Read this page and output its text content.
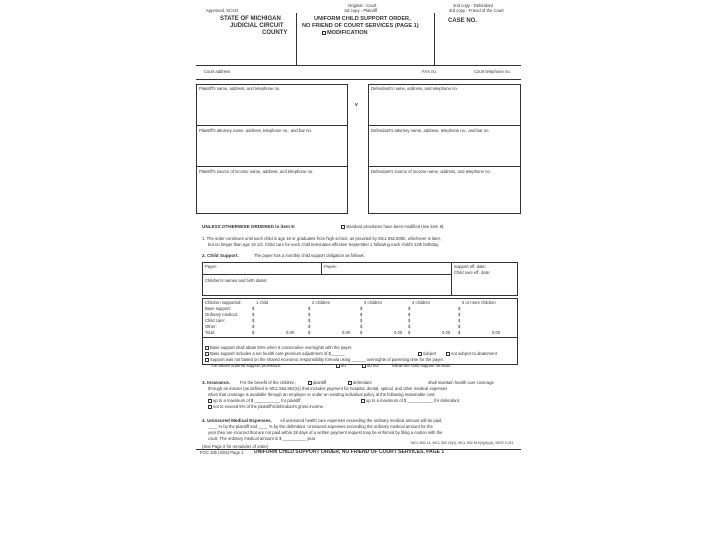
Approved, SCAO
Original - Court
1st copy - Plaintiff
2nd copy - Defendant
3rd copy - Friend of the Court
STATE OF MICHIGAN
JUDICIAL CIRCUIT
COUNTY
UNIFORM CHILD SUPPORT ORDER,
NO FRIEND OF COURT SERVICES (PAGE 1)
MODIFICATION
CASE NO.
Court address	FAX no.	Court telephone no.
Plaintiff's name, address, and telephone no.	Defendant's name, address, and telephone no.
v
Plaintiff's attorney name, address, telephone no., and bar no.	Defendant's attorney name, address, telephone no., and bar no.
Plaintiff's source of income name, address, and telephone no.	Defendant's source of income name, address, and telephone no.
UNLESS OTHERWISE ORDERED in item 9:	standard provisions have been modified (see item 9).
1. The order continues until each child is age 18 or graduates from high school, as provided by MCL 552.605b, whichever is later,
but no longer than age 19 1/2. Child care for each child terminates effective September 1 following each child's 12th birthday.
2. Child Support.	The payer has a monthly child support obligation as follows:
Payer:	Payee:	Support eff. date:
Child sure eff. date:
Children's names and birth dates:
Children supported:	1 child	2 children	3 children	4 children	5 or more children
Base support:	$	$	$	$	$
Ordinary medical:	$	$	$	$	$
Child care:	$	$	$	$	$
Other:	$	$	$	$	$
Total:	$	0.00	$	0.00 $	0.00 $	0.00 $	0.00
Base support shall abate 50% when 6 consecutive overnights with the payer.
Base support includes a net health care premium adjustment of $______	subject	not subject to abatement
Support was not based on the shared economic responsibility formula using ______ overnights of parenting time for the payer.
The above ordered support provisions	do	do not	follow the child support formula.
3. Insurance. For the benefit of the children,	plaintiff	defendant	shall maintain health care coverage
through an insurer (as defined in MCL 552.602(n)) that includes payment for hospital, dental, optical, and other medical expenses
when that coverage is available through an employer or under an existing individual policy at the following reasonable cost:
up to a maximum of $ ___________ for plaintiff.	up to a maximum of $ ___________ for defendant.
not to exceed 5% of the plaintiff's/defendant's gross income.
4. Uninsured Medical Expenses. All uninsured health care expenses exceeding the ordinary medical amount will be paid
____ % by the plaintiff and ____ % by the defendant. Uninsured expenses exceeding the ordinary medical amount for the
year they are incurred that are not paid within 28 days of a written payment request may be enforced by filing a motion with the
court. The ordinary medical amount is $ __________ year.
(See Page 2 for remainder of order)
MCL 552.14, MCL 552.15(1), MCL 552.519(3)(a)(vi), MCR 3.211
FOC 10b (4/04) Page 1 UNIFORM CHILD SUPPORT ORDER, NO FRIEND OF COURT SERVICES, PAGE 1
